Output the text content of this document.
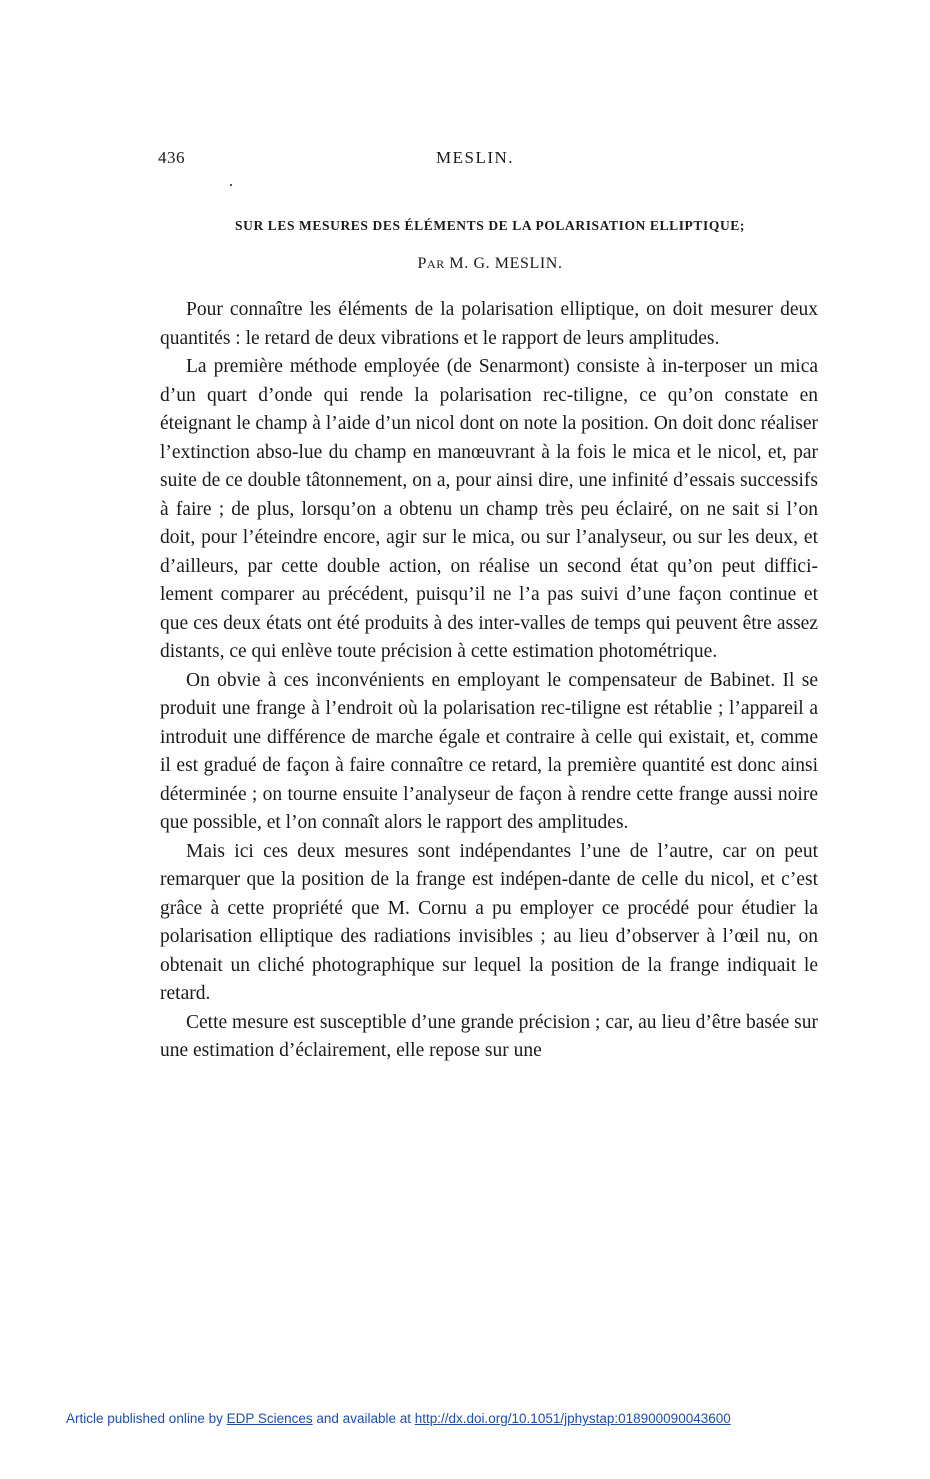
436	MESLIN.
SUR LES MESURES DES ÉLÉMENTS DE LA POLARISATION ELLIPTIQUE;
PAR M. G. MESLIN.

Pour connaître les éléments de la polarisation elliptique, on doit mesurer deux quantités : le retard de deux vibrations et le rapport de leurs amplitudes.

La première méthode employée (de Senarmont) consiste à in-terposer un mica d’un quart d’onde qui rende la polarisation rec-tiligne, ce qu’on constate en éteignant le champ à l’aide d’un nicol dont on note la position. On doit donc réaliser l’extinction abso-lue du champ en manœuvrant à la fois le mica et le nicol, et, par suite de ce double tâtonnement, on a, pour ainsi dire, une infinité d’essais successifs à faire ; de plus, lorsqu’on a obtenu un champ très peu éclairé, on ne sait si l’on doit, pour l’éteindre encore, agir sur le mica, ou sur l’analyseur, ou sur les deux, et d’ailleurs, par cette double action, on réalise un second état qu’on peut diffici-lement comparer au précédent, puisqu’il ne l’a pas suivi d’une façon continue et que ces deux états ont été produits à des inter-valles de temps qui peuvent être assez distants, ce qui enlève toute précision à cette estimation photométrique.

On obvie à ces inconvénients en employant le compensateur de Babinet. Il se produit une frange à l’endroit où la polarisation rec-tiligne est rétablie ; l’appareil a introduit une différence de marche égale et contraire à celle qui existait, et, comme il est gradué de façon à faire connaître ce retard, la première quantité est donc ainsi déterminée ; on tourne ensuite l’analyseur de façon à rendre cette frange aussi noire que possible, et l’on connaît alors le rapport des amplitudes.

Mais ici ces deux mesures sont indépendantes l’une de l’autre, car on peut remarquer que la position de la frange est indépen-dante de celle du nicol, et c’est grâce à cette propriété que M. Cornu a pu employer ce procédé pour étudier la polarisation elliptique des radiations invisibles ; au lieu d’observer à l’œil nu, on obtenait un cliché photographique sur lequel la position de la frange indiquait le retard.

Cette mesure est susceptible d’une grande précision ; car, au lieu d’être basée sur une estimation d’éclairement, elle repose sur une

Article published online by EDP Sciences and available at http://dx.doi.org/10.1051/jphystap:018900090043600
